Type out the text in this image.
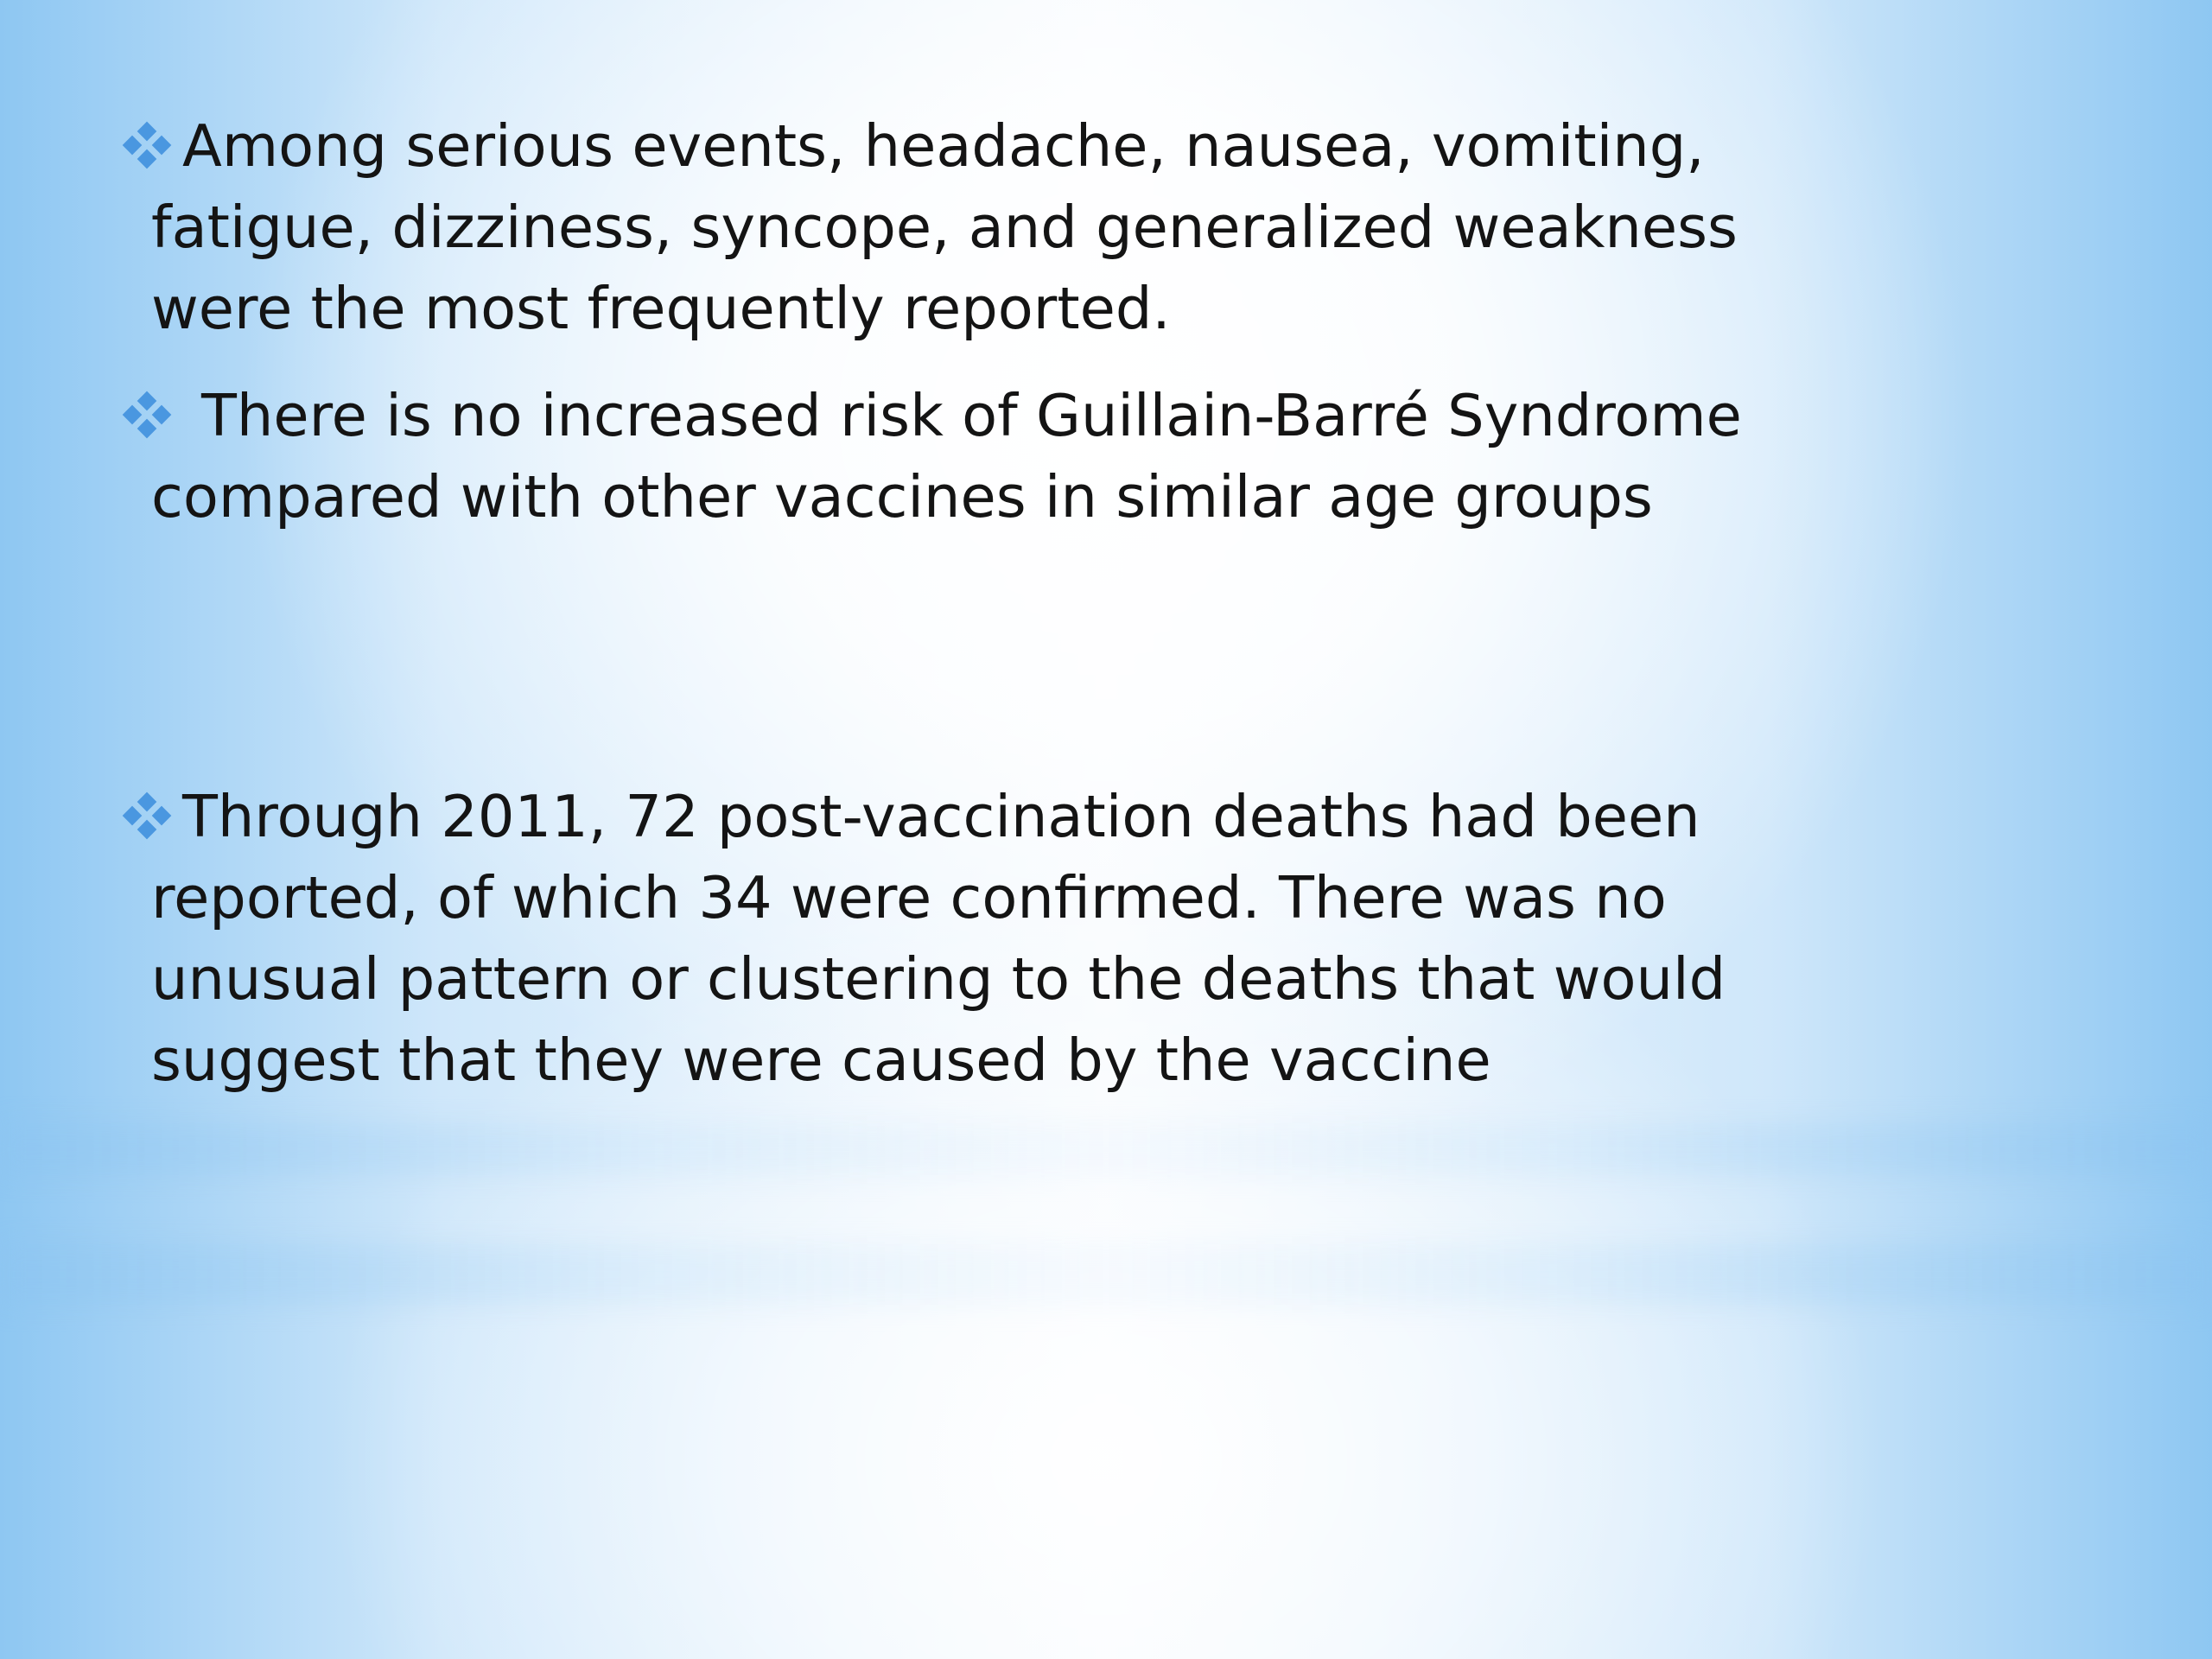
Among serious events, headache, nausea, vomiting, fatigue, dizziness, syncope, and generalized weakness were the most frequently reported.
There is no increased risk of Guillain-Barré Syndrome compared with other vaccines in similar age groups
Through 2011, 72 post-vaccination deaths had been reported, of which 34 were confirmed. There was no unusual pattern or clustering to the deaths that would suggest that they were caused by the vaccine
